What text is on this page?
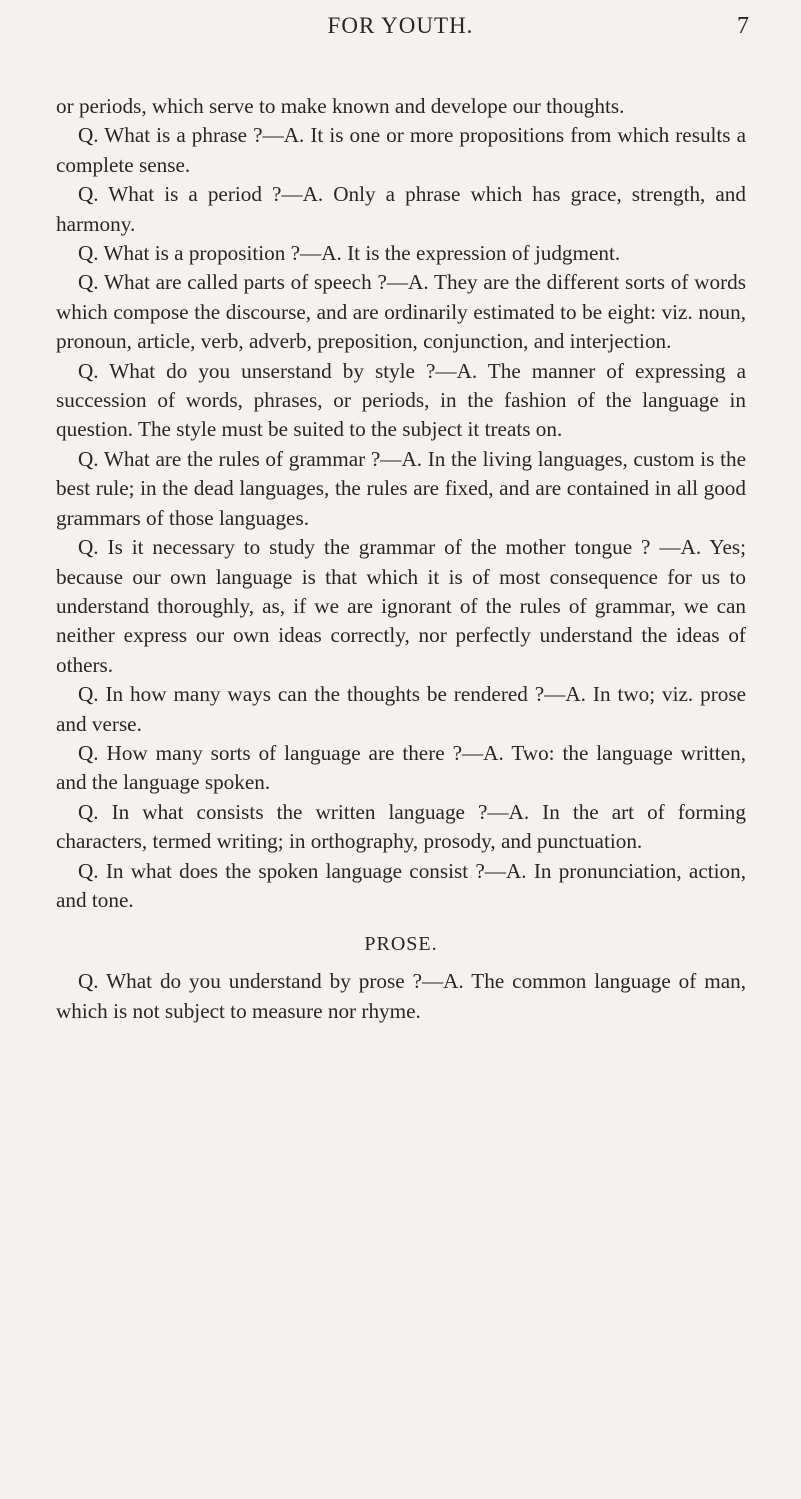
FOR YOUTH.	7

or periods, which serve to make known and develope our thoughts.

Q. What is a phrase ?—A. It is one or more propositions from which results a complete sense.

Q. What is a period ?—A. Only a phrase which has grace, strength, and harmony.

Q. What is a proposition ?—A. It is the expression of judgment.

Q. What are called parts of speech ?—A. They are the different sorts of words which compose the discourse, and are ordinarily estimated to be eight: viz. noun, pronoun, article, verb, adverb, preposition, conjunction, and interjection.

Q. What do you unserstand by style ?—A. The manner of expressing a succession of words, phrases, or periods, in the fashion of the language in question. The style must be suited to the subject it treats on.

Q. What are the rules of grammar ?—A. In the living languages, custom is the best rule; in the dead languages, the rules are fixed, and are contained in all good grammars of those languages.

Q. Is it necessary to study the grammar of the mother tongue ? —A. Yes; because our own language is that which it is of most consequence for us to understand thoroughly, as, if we are ignorant of the rules of grammar, we can neither express our own ideas correctly, nor perfectly understand the ideas of others.

Q. In how many ways can the thoughts be rendered ?—A. In two; viz. prose and verse.

Q. How many sorts of language are there ?—A. Two: the language written, and the language spoken.

Q. In what consists the written language ?—A. In the art of forming characters, termed writing; in orthography, prosody, and punctuation.

Q. In what does the spoken language consist ?—A. In pronunciation, action, and tone.

PROSE.

Q. What do you understand by prose ?—A. The common language of man, which is not subject to measure nor rhyme.
